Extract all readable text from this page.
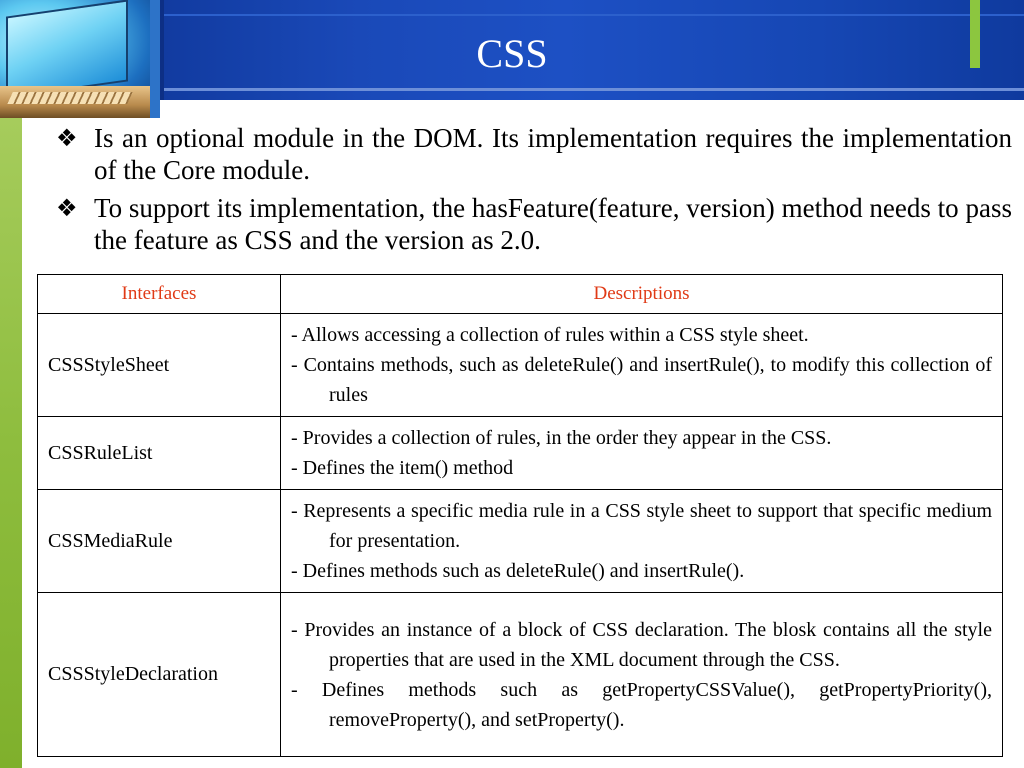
CSS
❖ Is an optional module in the DOM. Its implementation requires the implementation of the Core module.
❖ To support its implementation, the hasFeature(feature, version) method needs to pass the feature as CSS and the version as 2.0.
Interfaces	Descriptions
CSSStyleSheet	- Allows accessing a collection of rules within a CSS style sheet.
- Contains methods, such as deleteRule() and insertRule(), to modify this collection of rules

CSSRuleList	- Provides a collection of rules, in the order they appear in the CSS.
- Defines the item() method

CSSMediaRule	- Represents a specific media rule in a CSS style sheet to support that specific medium for presentation.
- Defines methods such as deleteRule() and insertRule().

CSSStyleDeclaration	- Provides an instance of a block of CSS declaration. The blosk contains all the style properties that are used in the XML document through the CSS.
- Defines methods such as getPropertyCSSValue(), getPropertyPriority(), removeProperty(), and setProperty().
